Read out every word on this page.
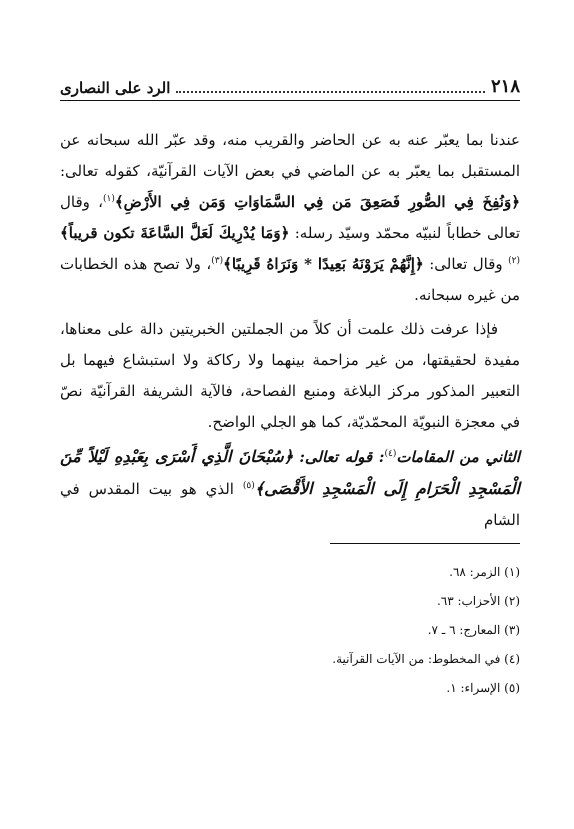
٢١٨
الرد على النصارى

عندنا بما يعبّر عنه به عن الحاضر والقريب منه، وقد عبّر الله سبحانه عن المستقبل بما يعبّر به عن الماضي في بعض الآيات القرآنيّة، كقوله تعالى: ﴿وَنُفِخَ فِي الصُّورِ فَصَعِقَ مَن فِي السَّمَاوَاتِ وَمَن فِي الأَرْضِ﴾$^{(١)}$، وقال تعالى خطاباً لنبيّه محمّد وسيّد رسله: ﴿وَمَا يُدْرِيكَ لَعَلَّ السَّاعَةَ تكون قريباً﴾$^{(٢)}$ وقال تعالى: ﴿إِنَّهُمْ يَرَوْنَهُ بَعِيدًا * وَنَرَاهُ قَرِيبًا﴾$^{(٣)}$، ولا تصح هذه الخطابات من غيره سبحانه.

فإذا عرفت ذلك علمت أن كلاً من الجملتين الخبريتين دالة على معناها، مفيدة لحقيقتها، من غير مزاحمة بينهما ولا ركاكة ولا استبشاع فيهما بل التعبير المذكور مركز البلاغة ومنبع الفصاحة، فالآية الشريفة القرآنيّة نصّ في معجزة النبويّة المحمّديّة، كما هو الجلي الواضح.

الثاني من المقامات$^{(٤)}$: قوله تعالى: ﴿سُبْحَانَ الَّذِي أَسْرَى بِعَبْدِهِ لَيْلاً مِّنَ الْمَسْجِدِ الْحَرَامِ إِلَى الْمَسْجِدِ الأَقْصَى﴾$^{(٥)}$ الذي هو بيت المقدس في الشام

(١) الزمر: ٦٨.
(٢) الأحزاب: ٦٣.
(٣) المعارج: ٦ ـ ٧.
(٤) في المخطوط: من الآيات القرآنية.
(٥) الإسراء: ١.
